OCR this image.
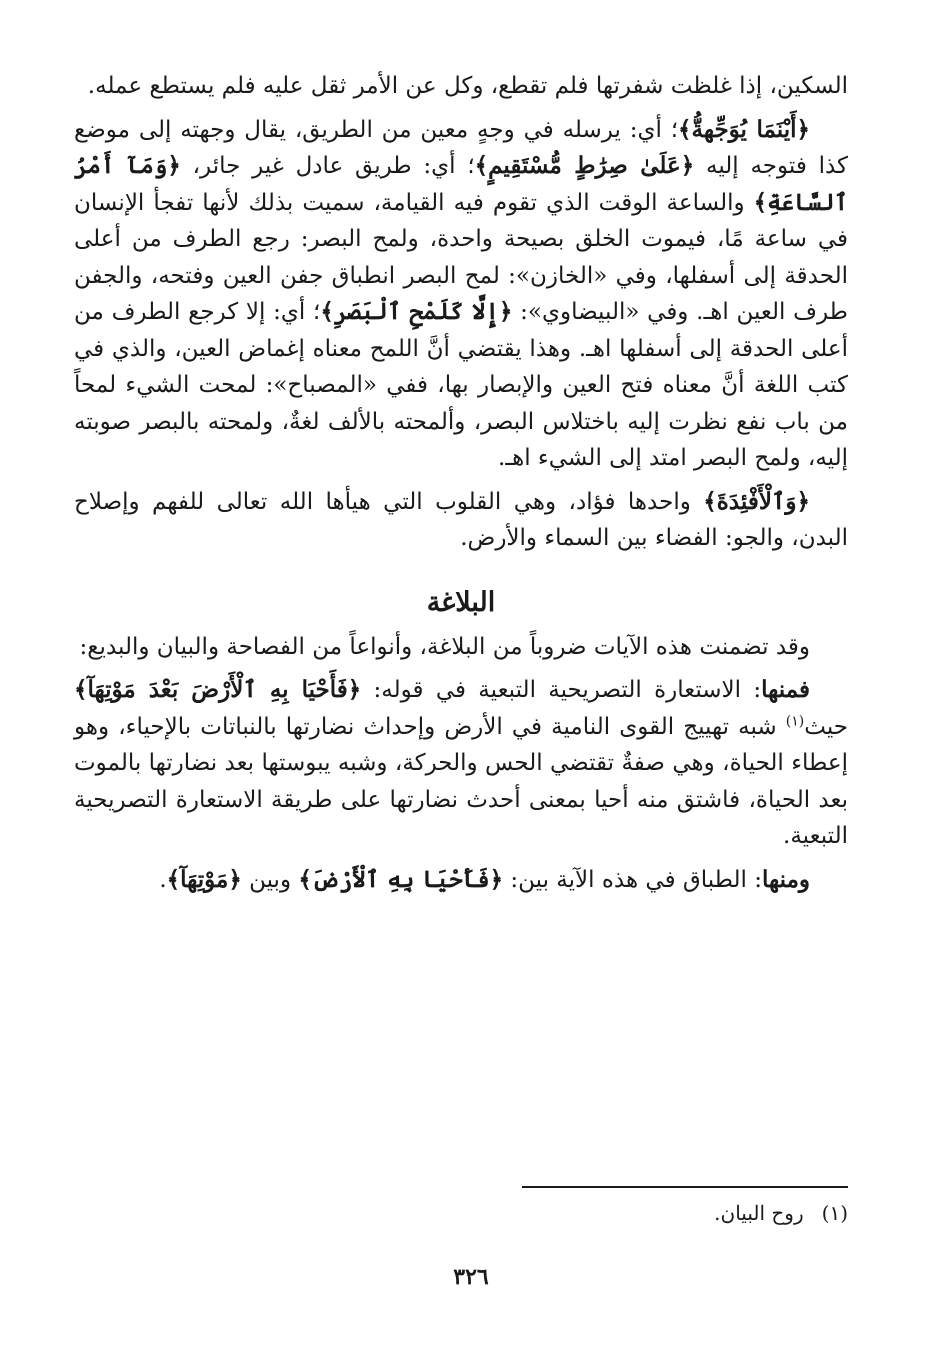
السكين، إذا غلظت شفرتها فلم تقطع، وكل عن الأمر ثقل عليه فلم يستطع عمله.

﴿أَيْنَمَا يُوَجِّهةُّ﴾؛ أي: يرسله في وجهٍ معين من الطريق، يقال وجهته إلى موضع كذا فتوجه إليه ﴿عَلَىٰ صِرَٰطٍ مُّسْتَقِيمٍ﴾؛ أي: طريق عادل غير جائر، ﴿وَمَآ أَمْرُ ٱلسَّاعَةِ﴾ والساعة الوقت الذي تقوم فيه القيامة، سميت بذلك لأنها تفجأ الإنسان في ساعة مًا، فيموت الخلق بصيحة واحدة، ولمح البصر: رجع الطرف من أعلى الحدقة إلى أسفلها، وفي «الخازن»: لمح البصر انطباق جفن العين وفتحه، والجفن طرف العين اهـ. وفي «البيضاوي»: ﴿إِلَّا كَلَمْحِ ٱلْبَصَرِ﴾؛ أي: إلا كرجع الطرف من أعلى الحدقة إلى أسفلها اهـ. وهذا يقتضي أنَّ اللمح معناه إغماض العين، والذي في كتب اللغة أنَّ معناه فتح العين والإبصار بها، ففي «المصباح»: لمحت الشيء لمحاً من باب نفع نظرت إليه باختلاس البصر، وألمحته بالألف لغةٌ، ولمحته بالبصر صوبته إليه، ولمح البصر امتد إلى الشيء اهـ.

﴿وَٱلْأَفْئِدَةَ﴾ واحدها فؤاد، وهي القلوب التي هيأها الله تعالى للفهم وإصلاح البدن، والجو: الفضاء بين السماء والأرض.

البلاغة

وقد تضمنت هذه الآيات ضروباً من البلاغة، وأنواعاً من الفصاحة والبيان والبديع:

فمنها: الاستعارة التصريحية التبعية في قوله: ﴿فَأَحْيَا بِهِ ٱلْأَرْضَ بَعْدَ مَوْتِهَآ﴾ حيث$^{(١)}$ شبه تهييج القوى النامية في الأرض وإحداث نضارتها بالنباتات بالإحياء، وهو إعطاء الحياة، وهي صفةٌ تقتضي الحس والحركة، وشبه يبوستها بعد نضارتها بالموت بعد الحياة، فاشتق منه أحيا بمعنى أحدث نضارتها على طريقة الاستعارة التصريحية التبعية.

ومنها: الطباق في هذه الآية بين: ﴿فَأَحْيَا بِهِ ٱلْأَرْضَ﴾ وبين ﴿مَوْتِهَآ﴾.

(١)روح البيان.
٣٢٦
